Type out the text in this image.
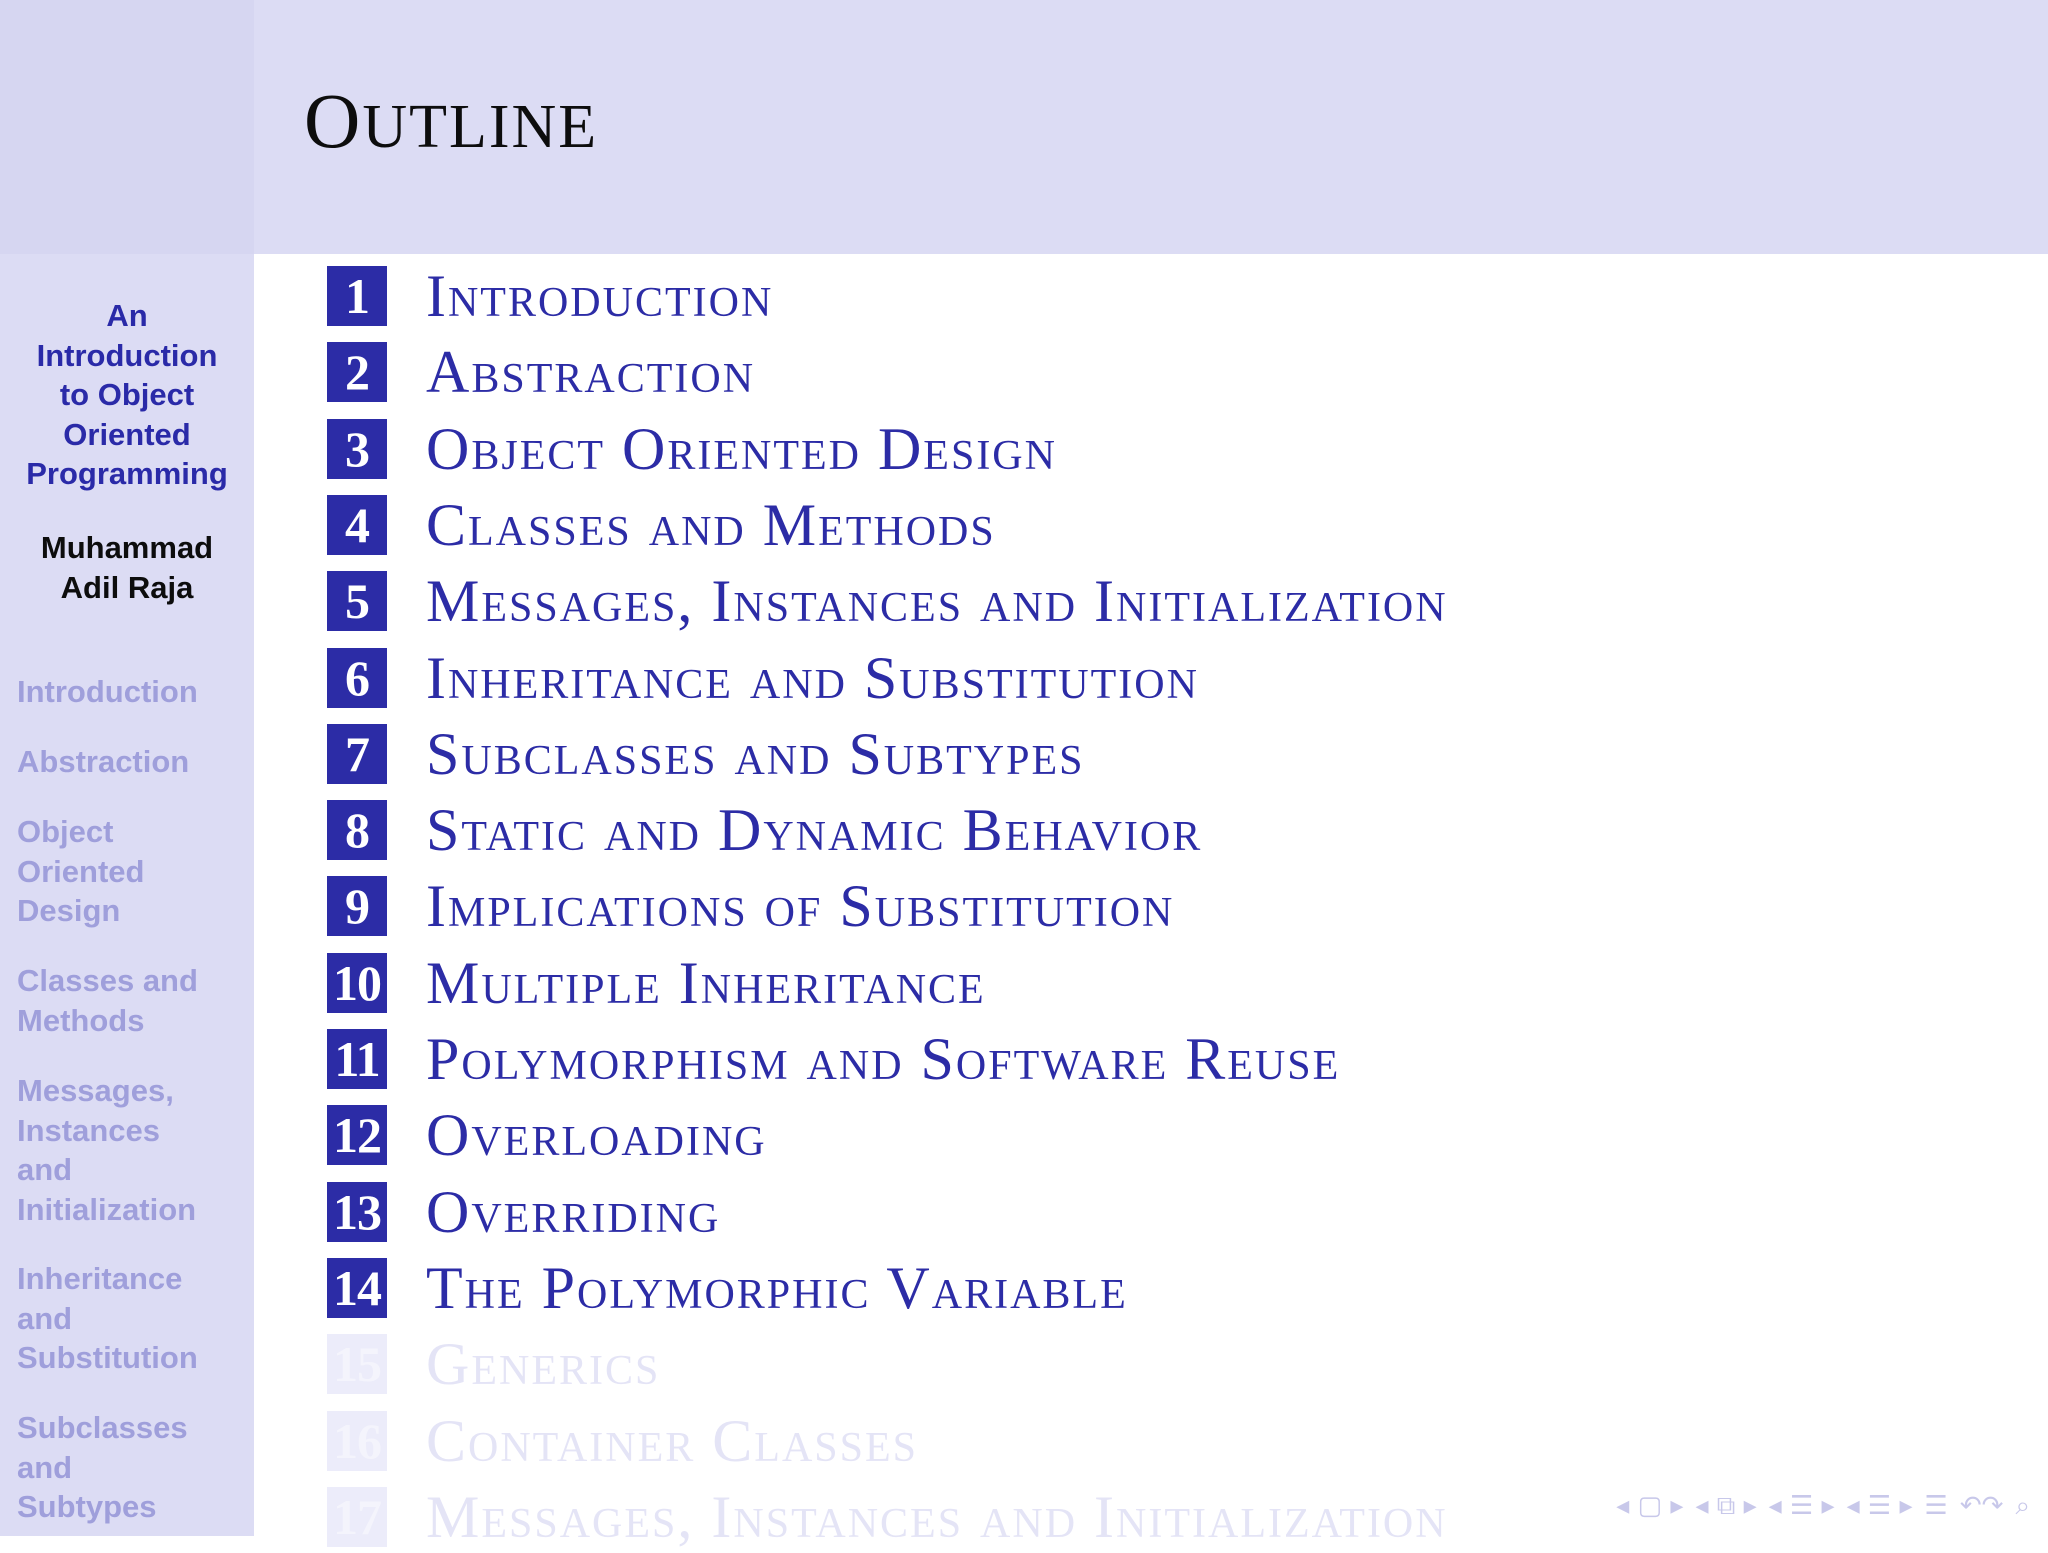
OUTLINE
An
Introduction
to Object
Oriented
Programming
Muhammad
Adil Raja
Introduction
Abstraction
Object
Oriented
Design
Classes and
Methods
Messages,
Instances
and
Initialization
Inheritance
and
Substitution
Subclasses
and
Subtypes
1 Introduction
2 Abstraction
3 Object Oriented Design
4 Classes and Methods
5 Messages, Instances and Initialization
6 Inheritance and Substitution
7 Subclasses and Subtypes
8 Static and Dynamic Behavior
9 Implications of Substitution
10 Multiple Inheritance
11 Polymorphism and Software Reuse
12 Overloading
13 Overriding
14 The Polymorphic Variable
15 Generics
16 Container Classes
17 Messages, Instances and Initialization	◂ ▢ ▸ ◂ ⧉ ▸ ◂ ☰ ▸ ◂ ☰ ▸ ☰ ↶↷ ⌕
